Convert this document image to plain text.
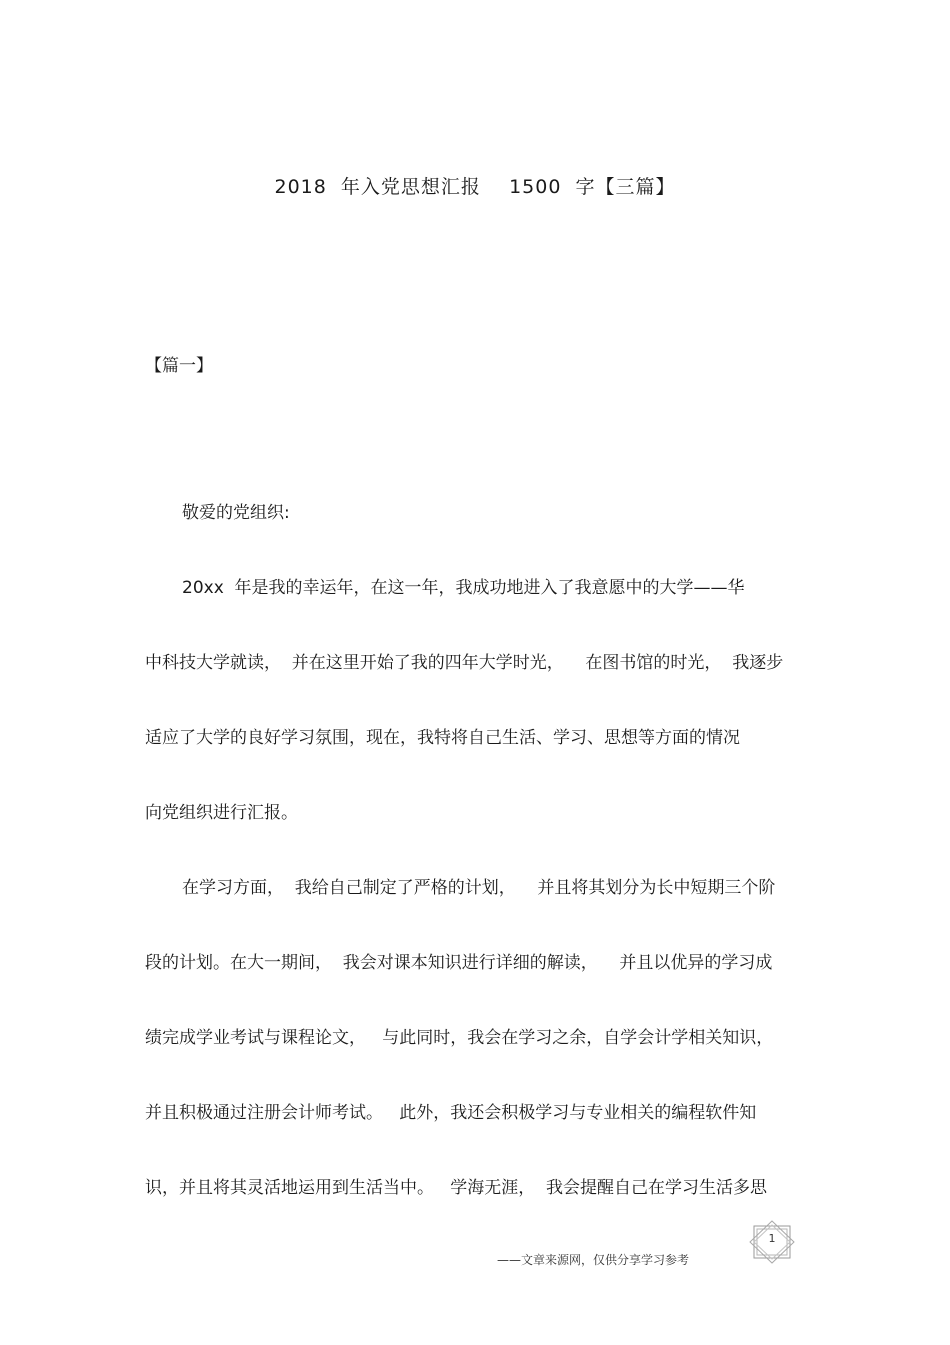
2018  年入党思想汇报    1500  字【三篇】
【篇一】
敬爱的党组织:
20xx  年是我的幸运年，在这一年，我成功地进入了我意愿中的大学——华
中科技大学就读，  并在这里开始了我的四年大学时光，    在图书馆的时光，  我逐步
适应了大学的良好学习氛围，现在，我特将自己生活、学习、思想等方面的情况
向党组织进行汇报。
在学习方面，  我给自己制定了严格的计划，    并且将其划分为长中短期三个阶
段的计划。在大一期间，  我会对课本知识进行详细的解读，    并且以优异的学习成
绩完成学业考试与课程论文，   与此同时，我会在学习之余，自学会计学相关知识，
并且积极通过注册会计师考试。   此外，我还会积极学习与专业相关的编程软件知
识，并且将其灵活地运用到生活当中。   学海无涯，  我会提醒自己在学习生活多思
1
——文章来源网，仅供分享学习参考
